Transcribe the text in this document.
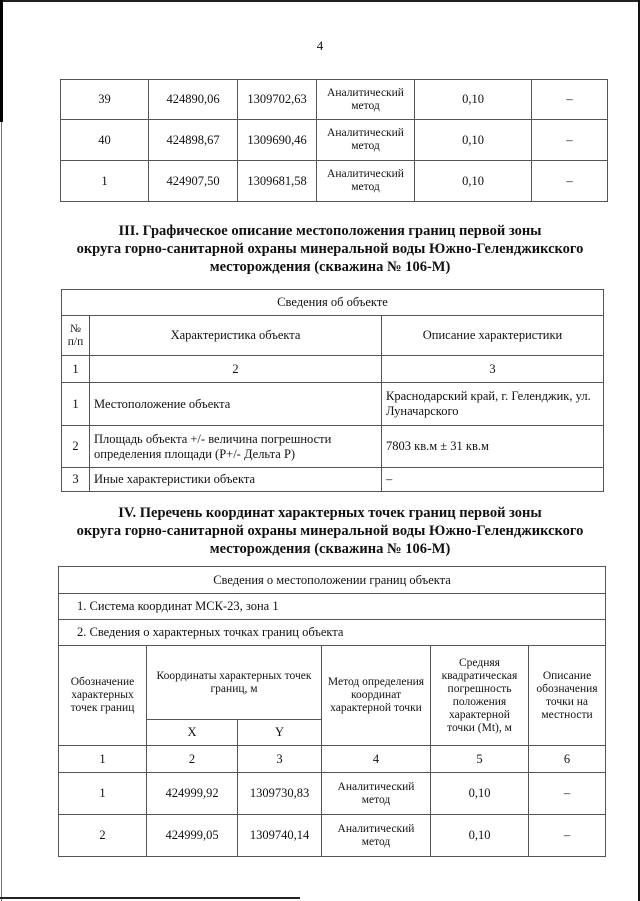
4
39	424890,06	1309702,63	Аналитический метод	0,10	–
40	424898,67	1309690,46	Аналитический метод	0,10	–
1	424907,50	1309681,58	Аналитический метод	0,10	–
III. Графическое описание местоположения границ первой зоны
округа горно-санитарной охраны минеральной воды Южно-Геленджикского
месторождения (скважина № 106-М)
Сведения об объекте		
№ п/п	Характеристика объекта	Описание характеристики
1	2	3
1	Местоположение объекта	Краснодарский край, г. Геленджик, ул. Луначарского
2	Площадь объекта +/- величина погрешности определения площади (Р+/- Дельта Р)	7803 кв.м ± 31 кв.м
3	Иные характеристики объекта	–
IV. Перечень координат характерных точек границ первой зоны
округа горно-санитарной охраны минеральной воды Южно-Геленджикского
месторождения (скважина № 106-М)
Сведения о местоположении границ объекта					
1. Система координат МСК-23, зона 1					
2. Сведения о характерных точках границ объекта					
Обозначение характерных точек границ	Координаты характерных точек границ, м		Метод определения координат характерной точки	Средняя квадратическая погрешность положения характерной точки (Mt), м	Описание обозначения точки на местности
	X	Y			
1	2	3	4	5	6
1	424999,92	1309730,83	Аналитический метод	0,10	–
2	424999,05	1309740,14	Аналитический метод	0,10	–
